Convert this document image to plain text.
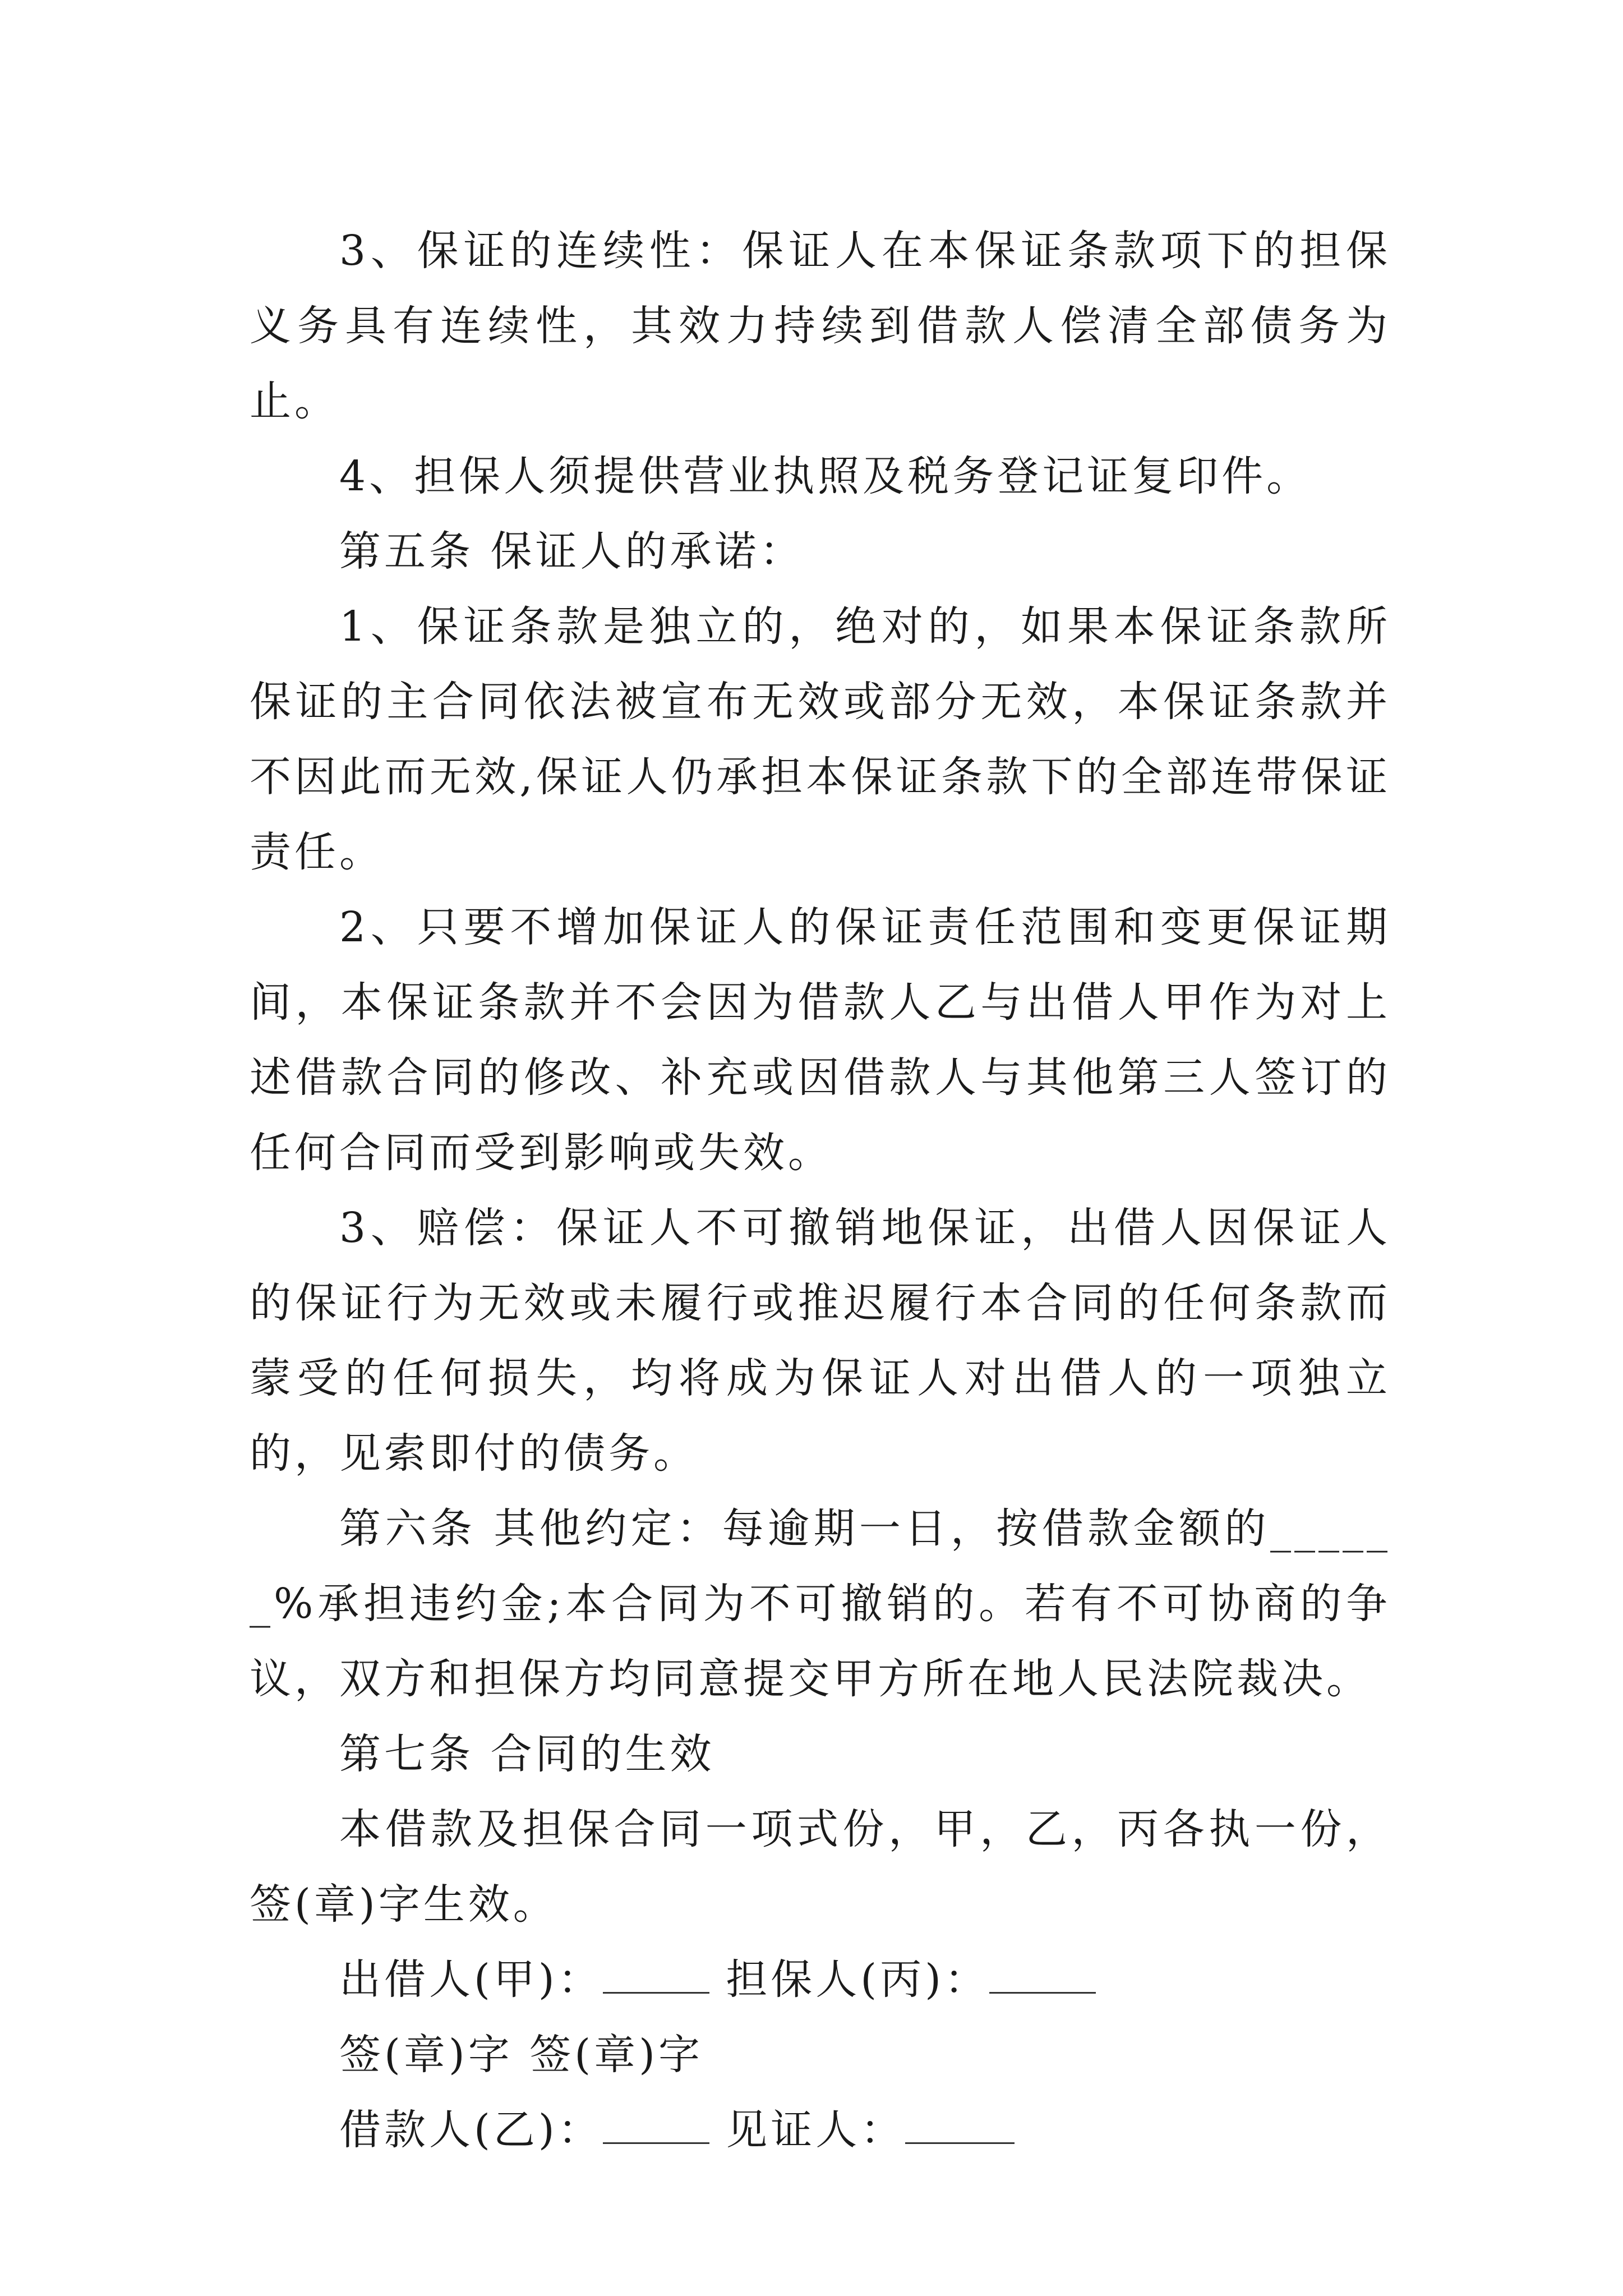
3、保证的连续性：保证人在本保证条款项下的担保义务具有连续性，其效力持续到借款人偿清全部债务为止。

4、担保人须提供营业执照及税务登记证复印件。

第五条 保证人的承诺：

1、保证条款是独立的，绝对的，如果本保证条款所保证的主合同依法被宣布无效或部分无效，本保证条款并不因此而无效,保证人仍承担本保证条款下的全部连带保证责任。

2、只要不增加保证人的保证责任范围和变更保证期间，本保证条款并不会因为借款人乙与出借人甲作为对上述借款合同的修改、补充或因借款人与其他第三人签订的任何合同而受到影响或失效。

3、赔偿：保证人不可撤销地保证，出借人因保证人的保证行为无效或未履行或推迟履行本合同的任何条款而蒙受的任何损失，均将成为保证人对出借人的一项独立的，见索即付的债务。

第六条 其他约定：每逾期一日，按借款金额的______%承担违约金;本合同为不可撤销的。若有不可协商的争议，双方和担保方均同意提交甲方所在地人民法院裁决。

第七条 合同的生效

本借款及担保合同一项式份，甲，乙，丙各执一份，签(章)字生效。

出借人(甲)：	担保人(丙)：
签(章)字 签(章)字
借款人(乙)：	见证人：
